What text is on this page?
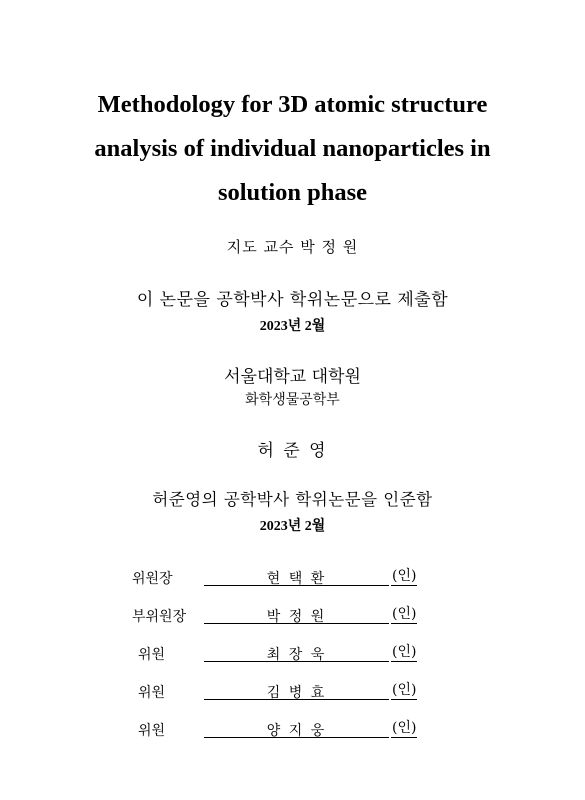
Methodology for 3D atomic structure
analysis of individual nanoparticles in
solution phase
지도 교수 박 정 원
이 논문을 공학박사 학위논문으로 제출함
2023년 2월
서울대학교 대학원
화학생물공학부
허 준 영
허준영의 공학박사 학위논문을 인준함
2023년 2월
위원장	현 택 환	(인)
부위원장	박 정 원	(인)
위원	최 장 욱	(인)
위원	김 병 효	(인)
위원	양 지 웅	(인)
